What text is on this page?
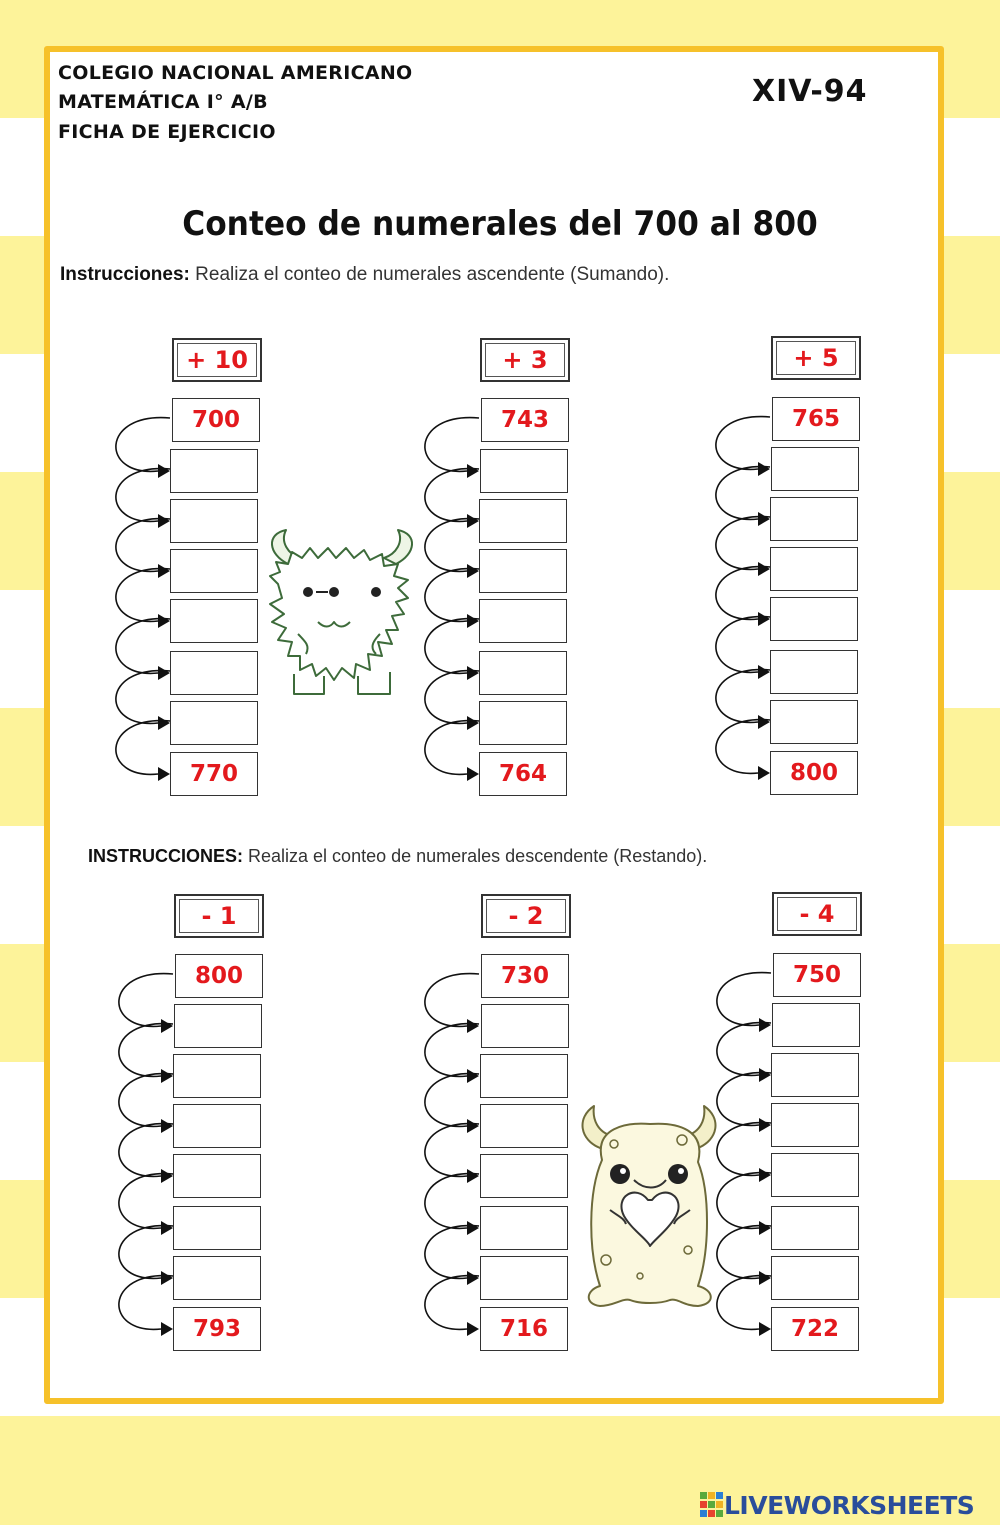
COLEGIO NACIONAL AMERICANO
MATEMÁTICA I° A/B
FICHA DE EJERCICIO
XIV-94
Conteo de numerales del 700 al 800
Instrucciones: Realiza el conteo de numerales ascendente (Sumando).
INSTRUCCIONES: Realiza el conteo de numerales descendente (Restando).
+ 10
700
770
+ 3
743
764
+ 5
765
800
- 1
800
793
- 2
730
716
- 4
750
722
LIVEWORKSHEETS
